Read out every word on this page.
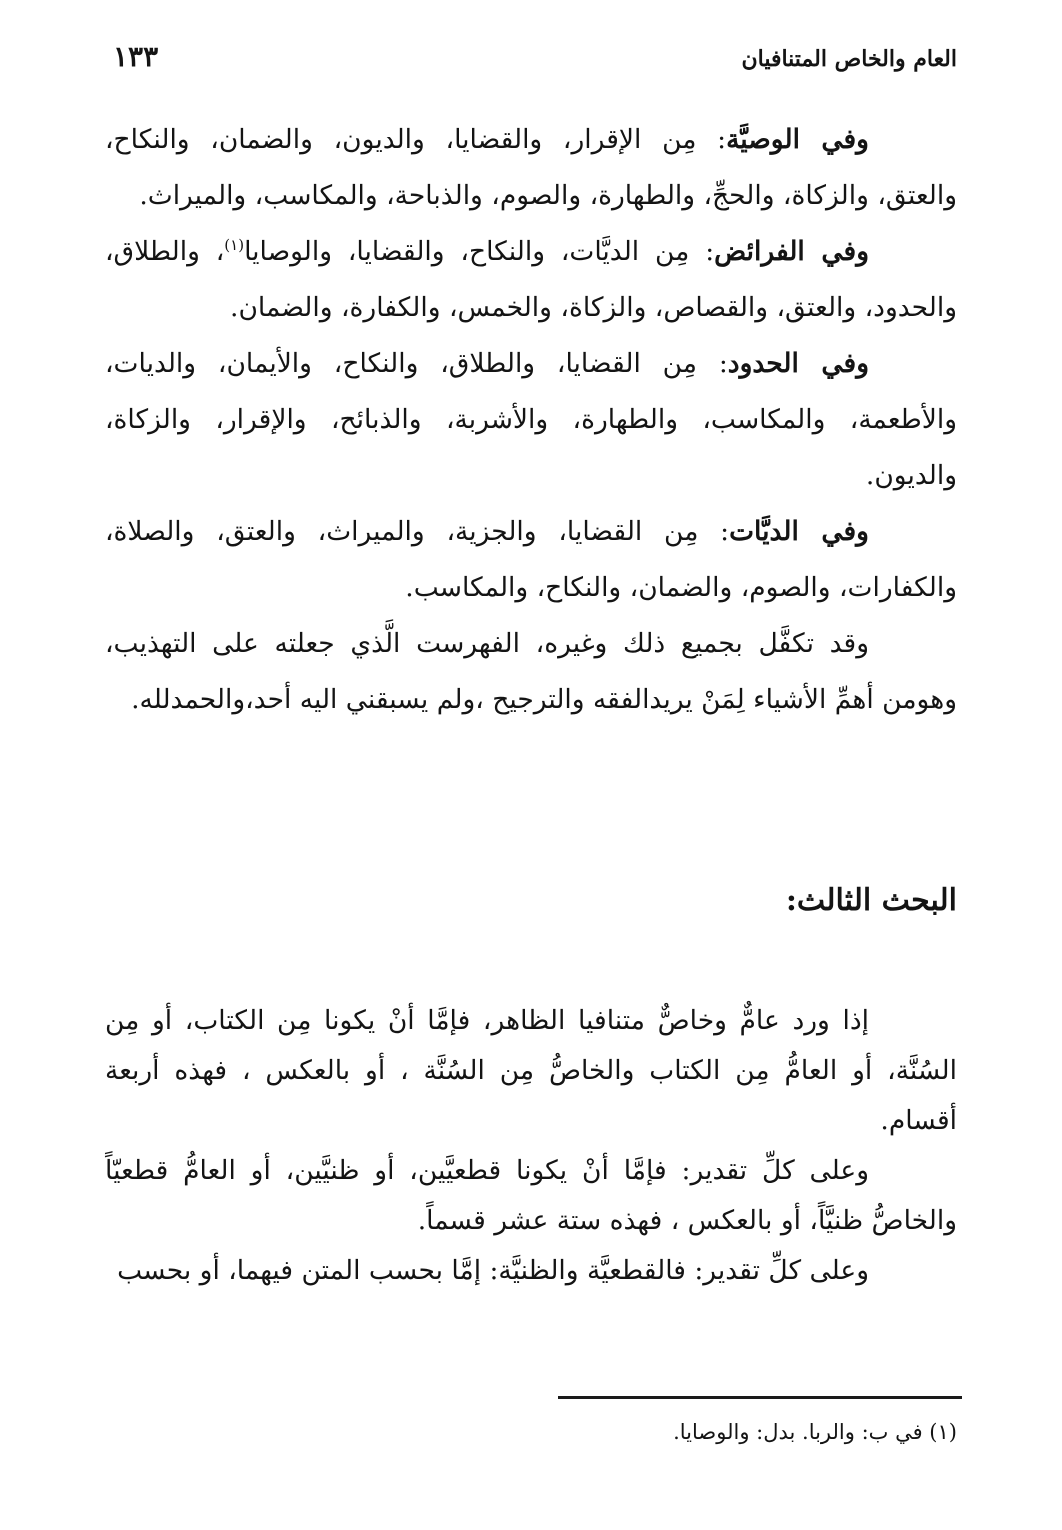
العام والخاص المتنافيان
١٣٣

وفي الوصيَّة: مِن الإقرار، والقضايا، والديون، والضمان، والنكاح، والعتق، والزكاة، والحجِّ، والطهارة، والصوم، والذباحة، والمكاسب، والميراث.

وفي الفرائض: مِن الديَّات، والنكاح، والقضايا، والوصايا$^{(١)}$، والطلاق، والحدود، والعتق، والقصاص، والزكاة، والخمس، والكفارة، والضمان.

وفي الحدود: مِن القضايا، والطلاق، والنكاح، والأيمان، والديات، والأطعمة، والمكاسب، والطهارة، والأشربة، والذبائح، والإقرار، والزكاة، والديون.

وفي الديَّات: مِن القضايا، والجزية، والميراث، والعتق، والصلاة، والكفارات، والصوم، والضمان، والنكاح، والمكاسب.

وقد تكفَّل بجميع ذلك وغيره، الفهرست الَّذي جعلته على التهذيب، وهومن أهمِّ الأشياء لِمَنْ يريدالفقه والترجيح ،ولم يسبقني اليه أحد،والحمدلله.

البحث الثالث:

إذا ورد عامٌّ وخاصٌّ متنافيا الظاهر، فإمَّا أنْ يكونا مِن الكتاب، أو مِن السُنَّة، أو العامُّ مِن الكتاب والخاصُّ مِن السُنَّة ، أو بالعكس ، فهذه أربعة أقسام.

وعلى كلِّ تقدير: فإمَّا أنْ يكونا قطعيَّين، أو ظنيَّين، أو العامُّ قطعيّاً والخاصُّ ظنيَّاً، أو بالعكس ، فهذه ستة عشر قسماً.

وعلى كلِّ تقدير: فالقطعيَّة والظنيَّة: إمَّا بحسب المتن فيهما، أو بحسب

(١) في ب: والربا. بدل: والوصايا.
